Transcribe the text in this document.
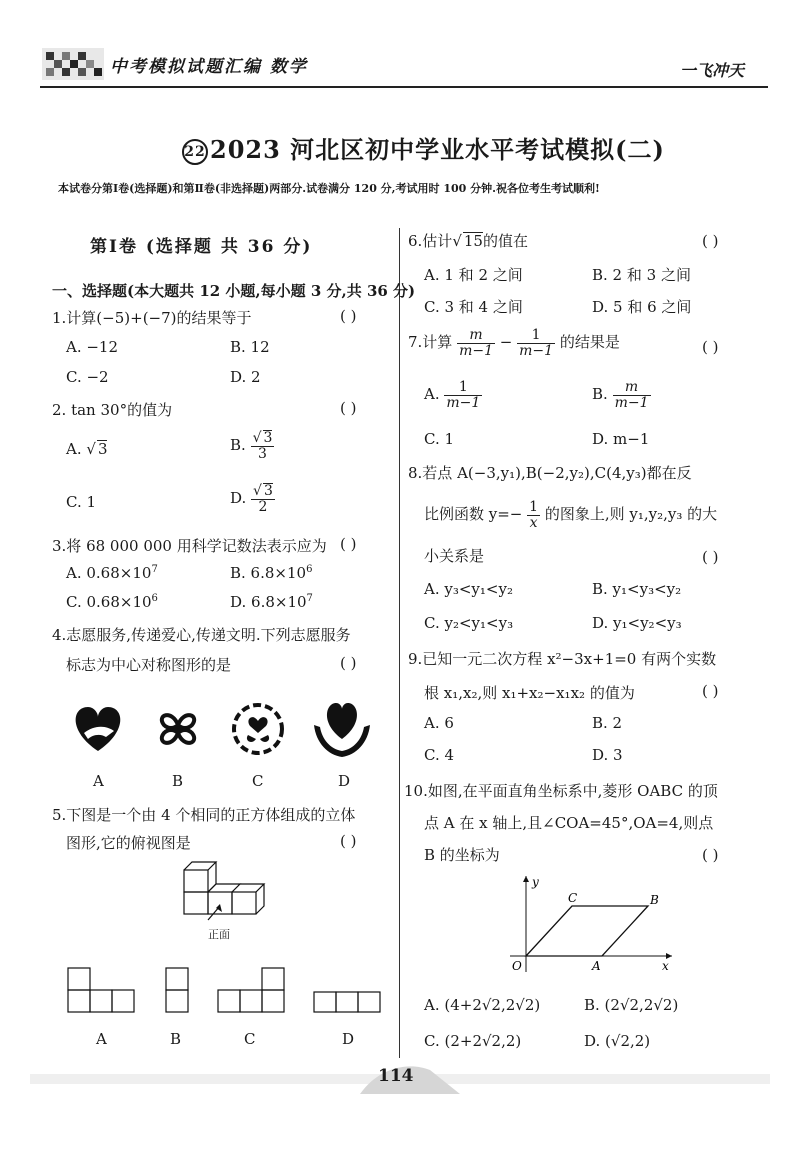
中考模拟试题汇编 数学	一飞冲天
22 2023 河北区初中学业水平考试模拟(二)
本试卷分第Ⅰ卷(选择题)和第Ⅱ卷(非选择题)两部分.试卷满分 120 分,考试用时 100 分钟.祝各位考生考试顺利!
第Ⅰ卷 (选择题 共 36 分)
一、选择题(本大题共 12 小题,每小题 3 分,共 36 分)
1.计算(−5)+(−7)的结果等于	( )
A. −12	B. 12
C. −2	D. 2
2. tan 30°的值为	( )
A. √ 3	B. $\frac{√ 3}{3}$
C. 1	D. $\frac{√ 3}{2}$
3.将 68 000 000 用科学记数法表示应为 ( )
A. $0.68\times 10^7$	B. $6.8\times 10^6$
C. $0.68\times 10^6$	D. $6.8\times 10^7$
4.志愿服务,传递爱心,传递文明.下列志愿服务
标志为中心对称图形的是	( )
A	B	C	D
5.下图是一个由 4 个相同的正方体组成的立体
图形,它的俯视图是	( )
正面
A	B	C	D
6.估计√ 15的值在	( )
A. 1 和 2 之间	B. 2 和 3 之间
C. 3 和 4 之间	D. 5 和 6 之间
7.计算 $\frac{m}{m-1} - \frac{1}{m-1}$ 的结果是	( )
A. $\frac{1}{m-1}$	B. $\frac{m}{m-1}$
C. 1	D. m−1
8.若点 A(−3,y₁),B(−2,y₂),C(4,y₃)都在反
比例函数 $y=- \frac{1}{x}$ 的图象上,则 y₁,y₂,y₃ 的大
小关系是	( )
A. y₃<y₁<y₂	B. y₁<y₃<y₂
C. y₂<y₁<y₃	D. y₁<y₂<y₃
9.已知一元二次方程 x²−3x+1=0 有两个实数
根 x₁,x₂,则 x₁+x₂−x₁x₂ 的值为	( )
A. 6	B. 2
C. 4	D. 3
10.如图,在平面直角坐标系中,菱形 OABC 的顶
点 A 在 x 轴上,且∠COA=45°,OA=4,则点
B 的坐标为	( )
y
x
O	A
B
C
A. (4+2√2,2√2)	B. (2√2,2√2)
C. (2+2√2,2)	D. (√2,2)
114
